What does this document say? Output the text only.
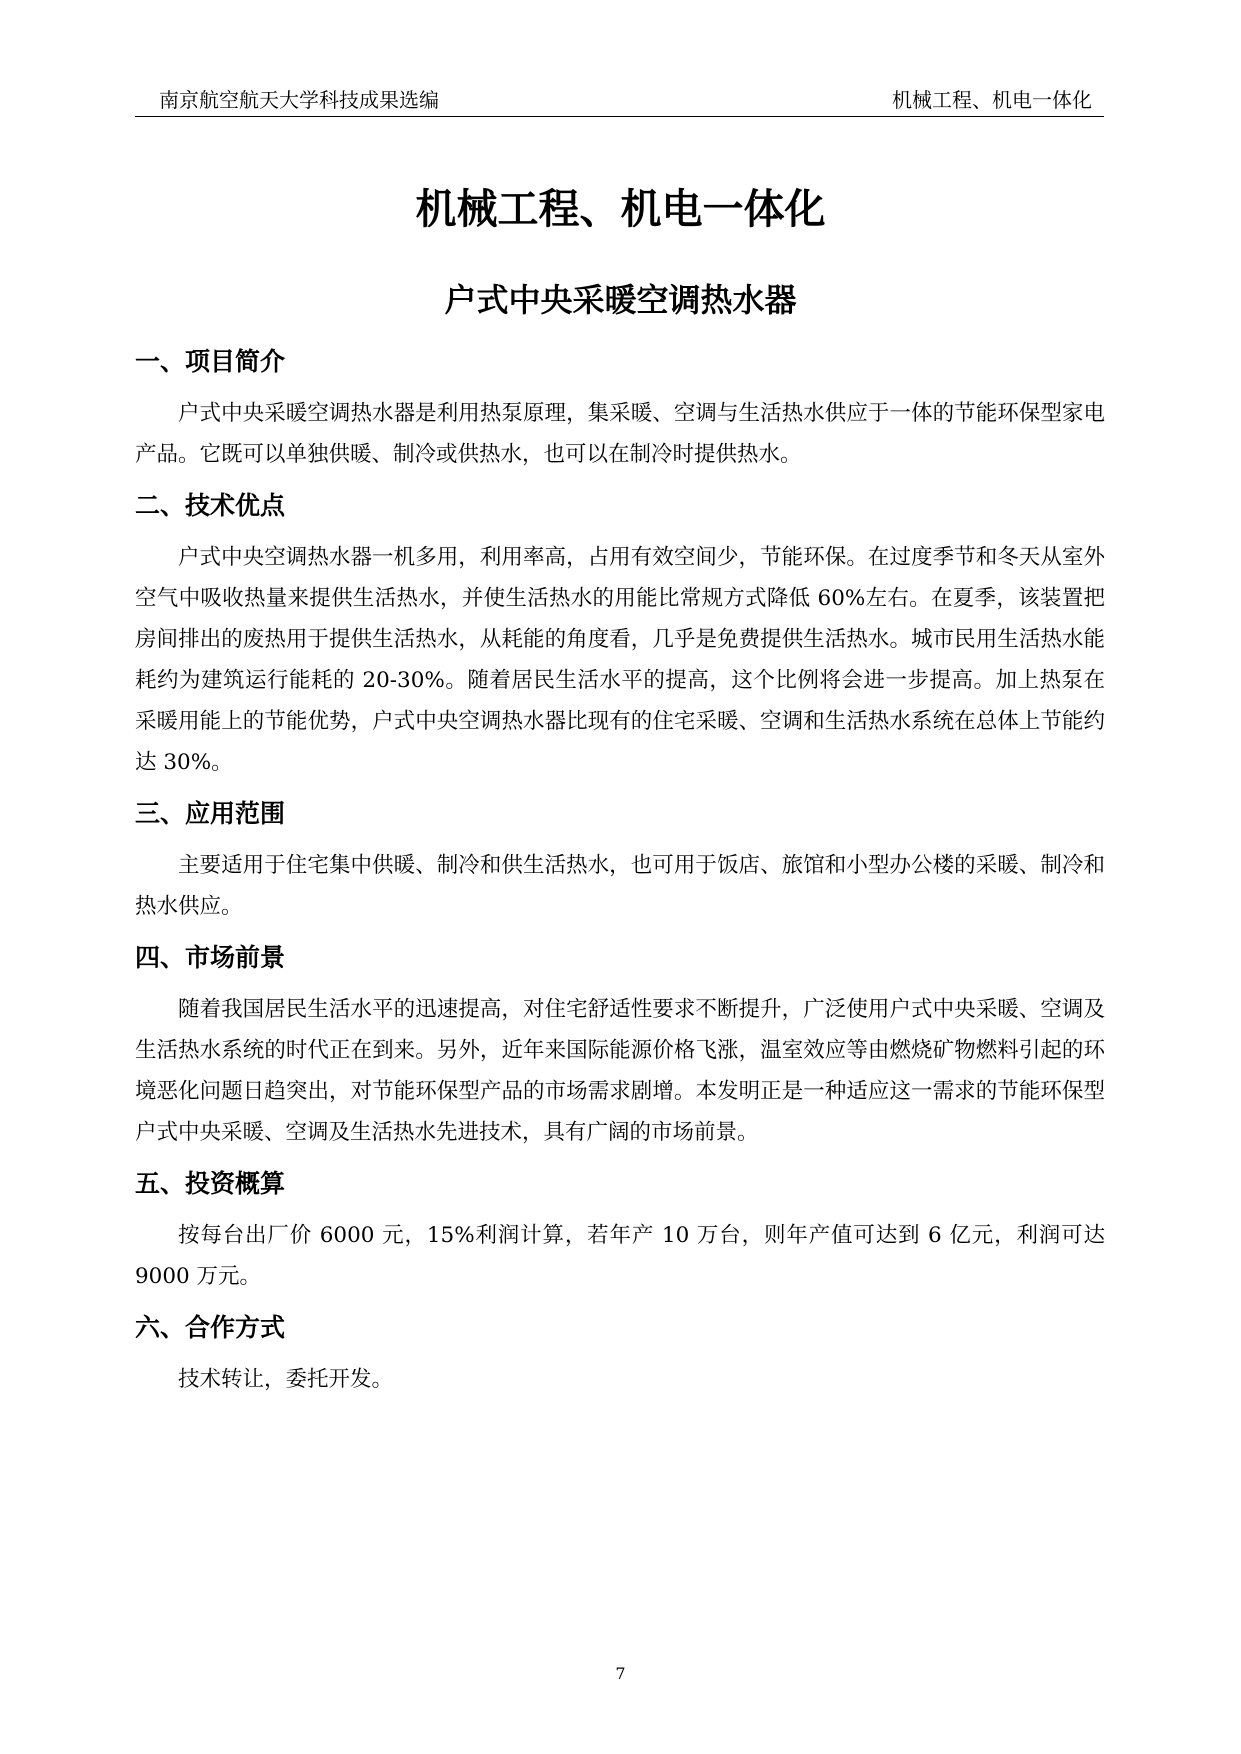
南京航空航天大学科技成果选编	机械工程、机电一体化
机械工程、机电一体化
户式中央采暖空调热水器
一、项目简介

户式中央采暖空调热水器是利用热泵原理，集采暖、空调与生活热水供应于一体的节能环保型家电产品。它既可以单独供暖、制冷或供热水，也可以在制冷时提供热水。

二、技术优点

户式中央空调热水器一机多用，利用率高，占用有效空间少，节能环保。在过度季节和冬天从室外空气中吸收热量来提供生活热水，并使生活热水的用能比常规方式降低 60%左右。在夏季，该装置把房间排出的废热用于提供生活热水，从耗能的角度看，几乎是免费提供生活热水。城市民用生活热水能耗约为建筑运行能耗的 20-30%。随着居民生活水平的提高，这个比例将会进一步提高。加上热泵在采暖用能上的节能优势，户式中央空调热水器比现有的住宅采暖、空调和生活热水系统在总体上节能约达 30%。

三、应用范围

主要适用于住宅集中供暖、制冷和供生活热水，也可用于饭店、旅馆和小型办公楼的采暖、制冷和热水供应。

四、市场前景

随着我国居民生活水平的迅速提高，对住宅舒适性要求不断提升，广泛使用户式中央采暖、空调及生活热水系统的时代正在到来。另外，近年来国际能源价格飞涨，温室效应等由燃烧矿物燃料引起的环境恶化问题日趋突出，对节能环保型产品的市场需求剧增。本发明正是一种适应这一需求的节能环保型户式中央采暖、空调及生活热水先进技术，具有广阔的市场前景。

五、投资概算

按每台出厂价 6000 元，15%利润计算，若年产 10 万台，则年产值可达到 6 亿元，利润可达 9000 万元。

六、合作方式

技术转让，委托开发。

7
